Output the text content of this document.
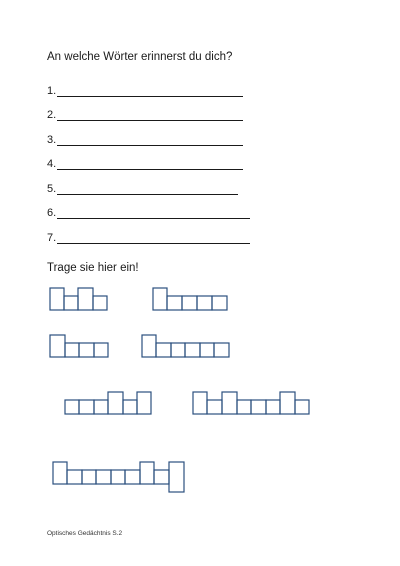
An welche Wörter erinnerst du dich?
1.
2.
3.
4.
5.
6.
7.
Trage sie hier ein!

Optisches Gedächtnis S.2
